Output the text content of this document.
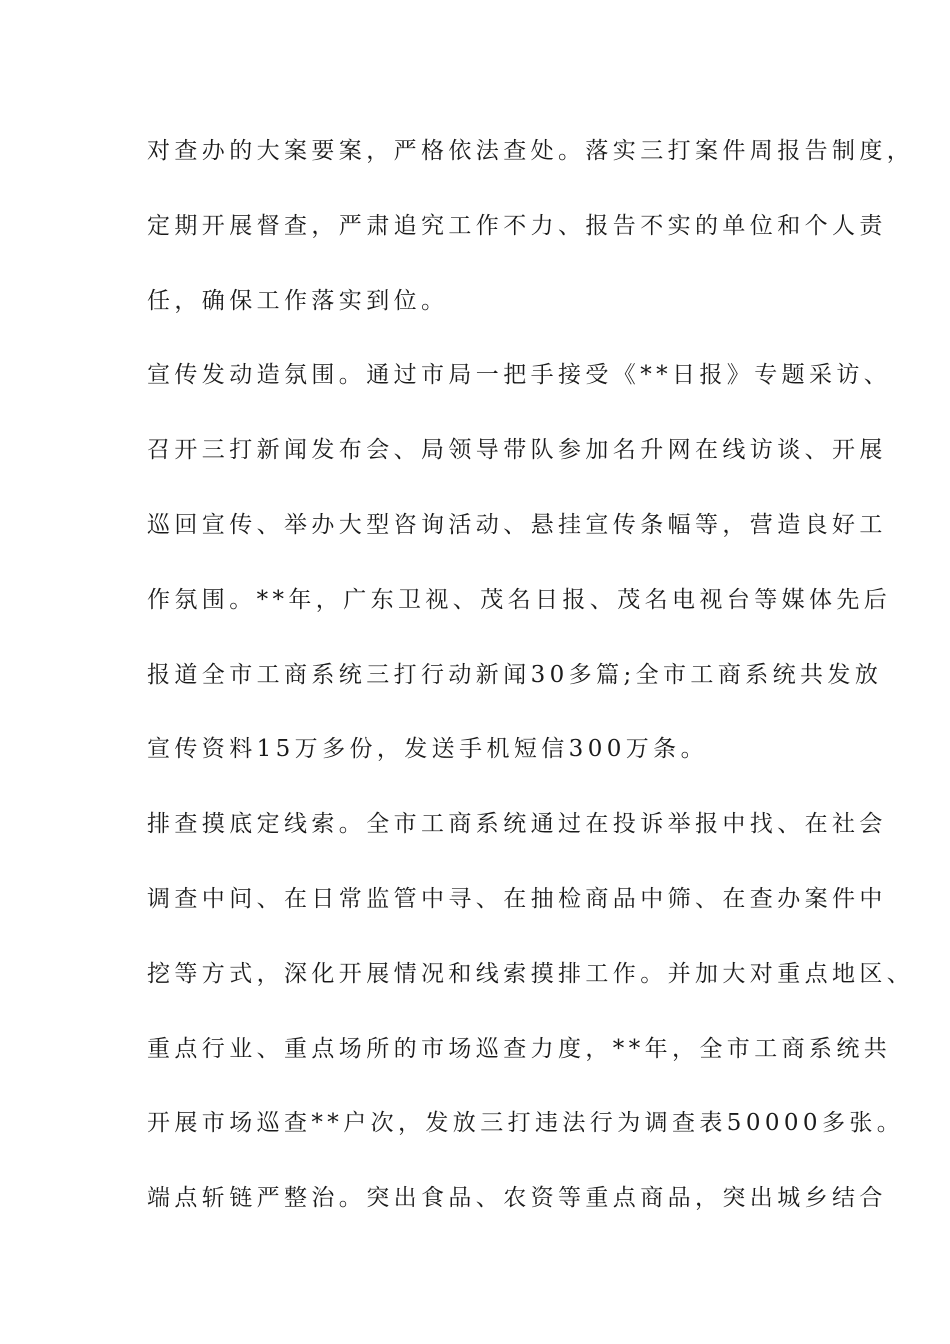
对查办的大案要案，严格依法查处。落实三打案件周报告制度，
定期开展督查，严肃追究工作不力、报告不实的单位和个人责
任，确保工作落实到位。
宣传发动造氛围。通过市局一把手接受《**日报》专题采访、
召开三打新闻发布会、局领导带队参加名升网在线访谈、开展
巡回宣传、举办大型咨询活动、悬挂宣传条幅等，营造良好工
作氛围。**年，广东卫视、茂名日报、茂名电视台等媒体先后
报道全市工商系统三打行动新闻30多篇;全市工商系统共发放
宣传资料15万多份，发送手机短信300万条。
排查摸底定线索。全市工商系统通过在投诉举报中找、在社会
调查中问、在日常监管中寻、在抽检商品中筛、在查办案件中
挖等方式，深化开展情况和线索摸排工作。并加大对重点地区、
重点行业、重点场所的市场巡查力度，**年，全市工商系统共
开展市场巡查**户次，发放三打违法行为调查表50000多张。
端点斩链严整治。突出食品、农资等重点商品，突出城乡结合
